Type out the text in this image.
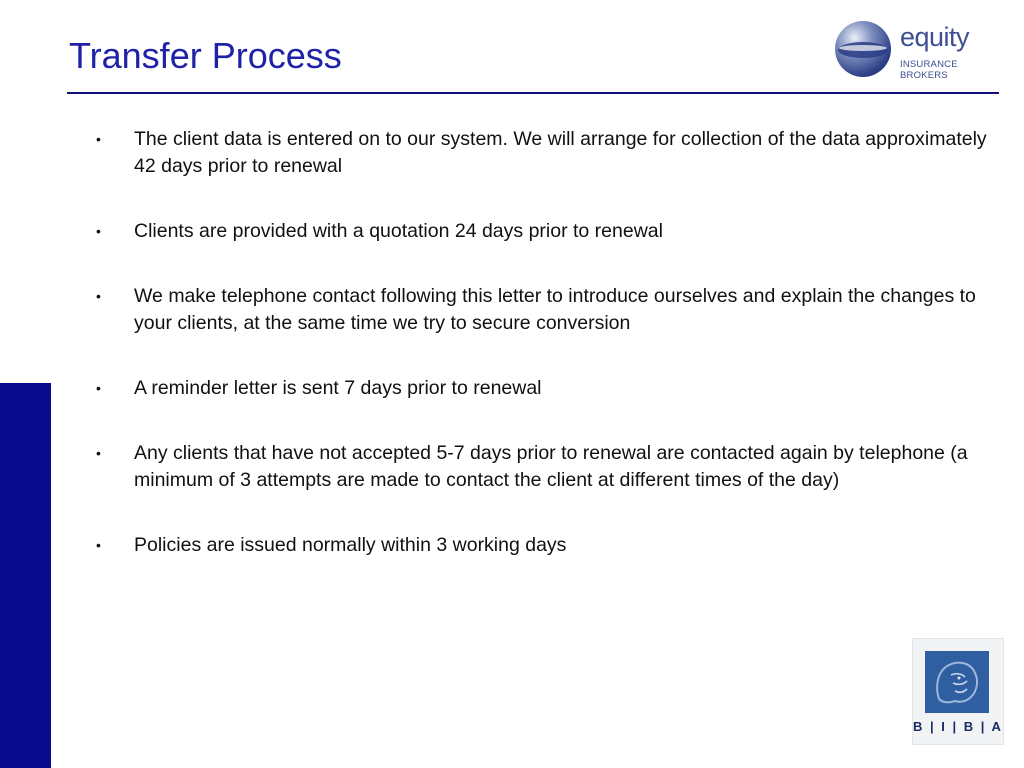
Transfer Process	equity
INSURANCE BROKERS
• The client data is entered on to our system. We will arrange for collection of the data approximately 42 days prior to renewal
• Clients are provided with a quotation 24 days prior to renewal
• We make telephone contact following this letter to introduce ourselves and explain the changes to your clients, at the same time we try to secure conversion
• A reminder letter is sent 7 days prior to renewal
• Any clients that have not accepted 5-7 days prior to renewal are contacted again by telephone (a minimum of 3 attempts are made to contact the client at different times of the day)
• Policies are issued normally within 3 working days
B | I | B | A
